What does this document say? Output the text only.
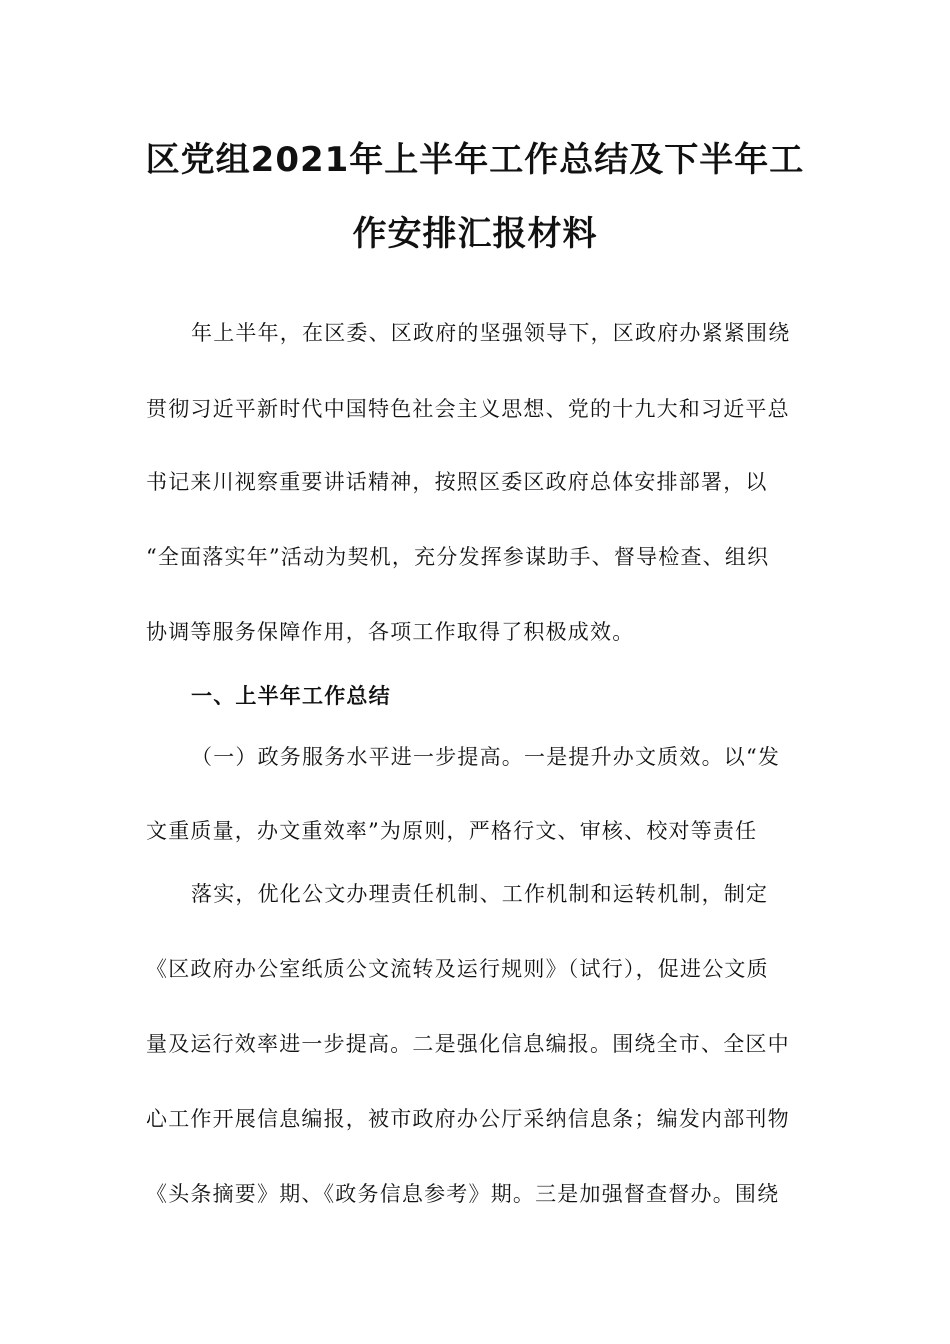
区党组2021年上半年工作总结及下半年工
作安排汇报材料
年上半年，在区委、区政府的坚强领导下，区政府办紧紧围绕
贯彻习近平新时代中国特色社会主义思想、党的十九大和习近平总
书记来川视察重要讲话精神，按照区委区政府总体安排部署，以
“全面落实年”活动为契机，充分发挥参谋助手、督导检查、组织
协调等服务保障作用，各项工作取得了积极成效。
一、上半年工作总结
（一）政务服务水平进一步提高。一是提升办文质效。以“发
文重质量，办文重效率”为原则，严格行文、审核、校对等责任
落实，优化公文办理责任机制、工作机制和运转机制，制定
《区政府办公室纸质公文流转及运行规则》（试行），促进公文质
量及运行效率进一步提高。二是强化信息编报。围绕全市、全区中
心工作开展信息编报，被市政府办公厅采纳信息条；编发内部刊物
《头条摘要》期、《政务信息参考》期。三是加强督查督办。围绕
